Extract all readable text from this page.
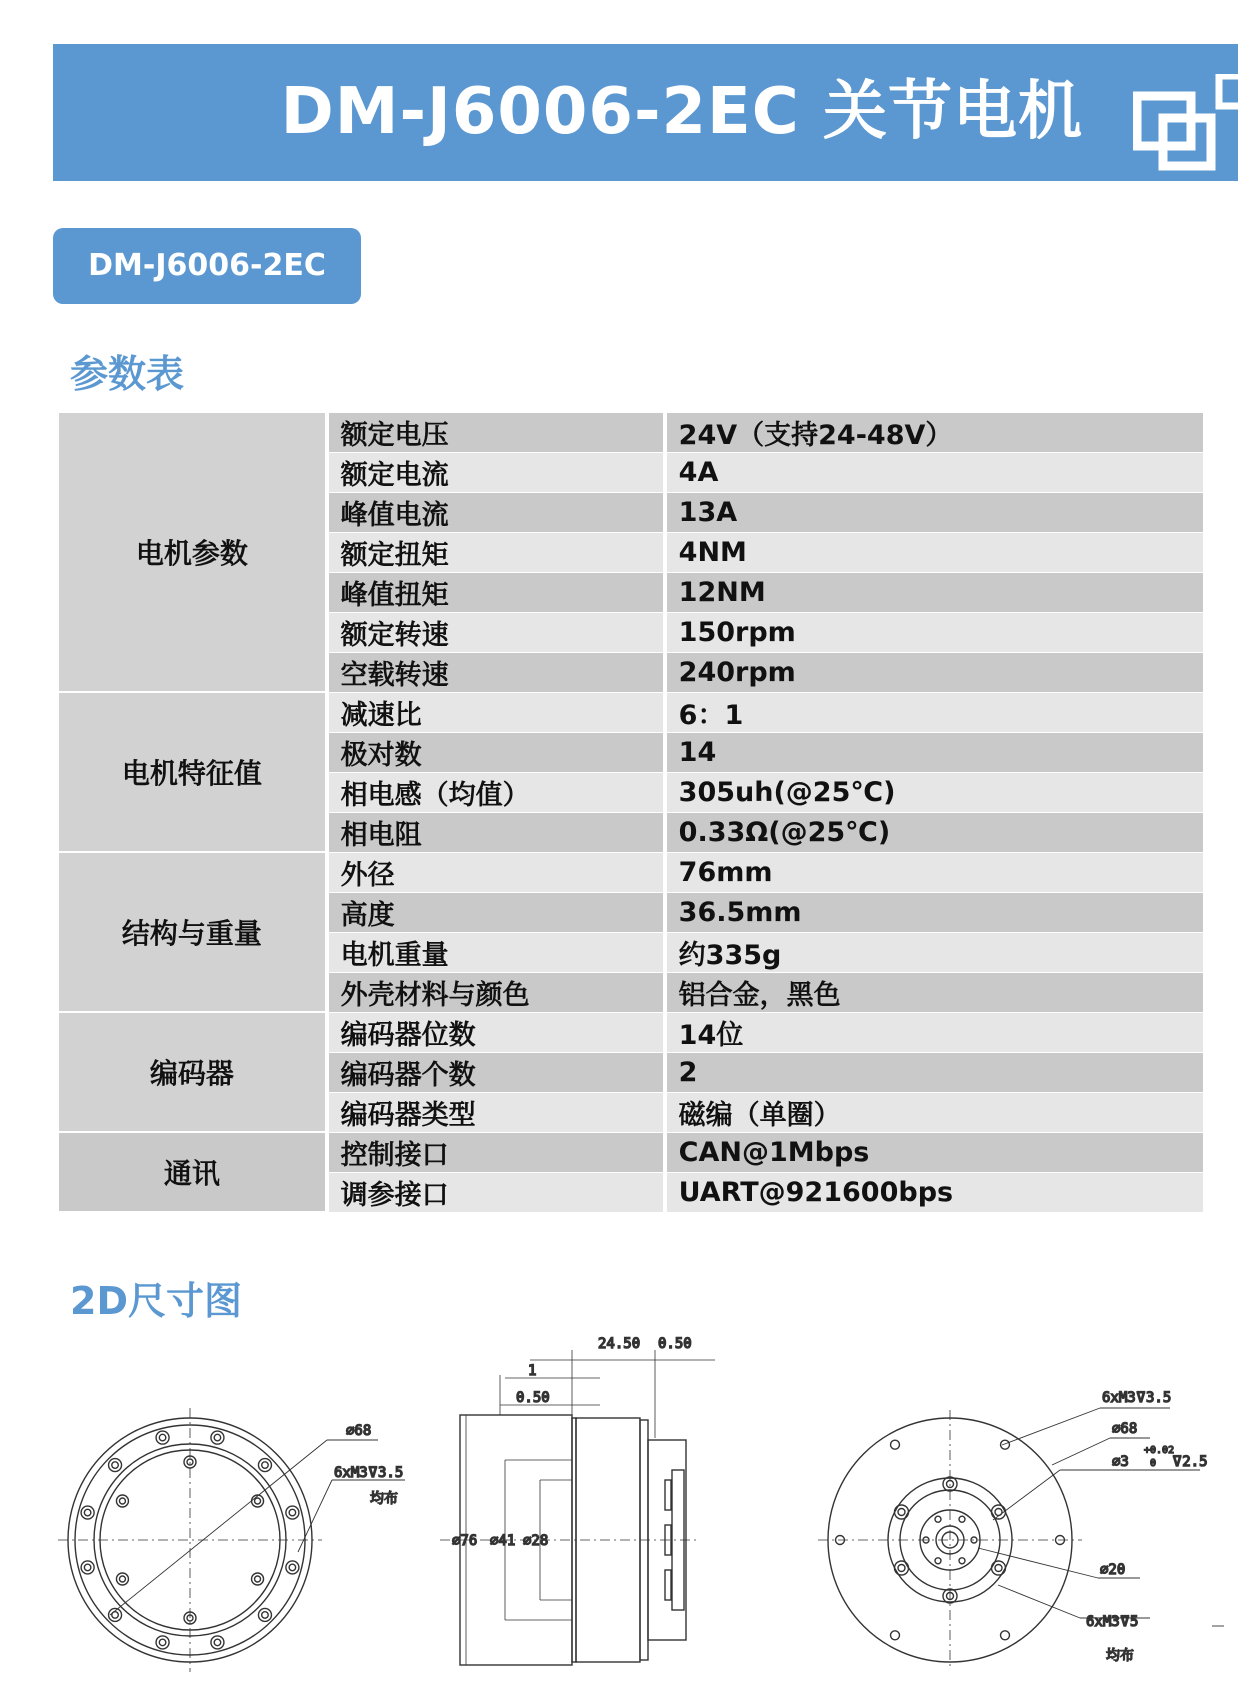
DM-J6006-2EC 关节电机
DM-J6006-2EC
参数表
电机参数	额定电压	24V（支持24-48V）
	额定电流	4A
	峰值电流	13A
	额定扭矩	4NM
	峰值扭矩	12NM
	额定转速	150rpm
	空载转速	240rpm
电机特征值	减速比	6：1
	极对数	14
	相电感（均值）	305uh(@25℃)
	相电阻	0.33Ω(@25℃)
结构与重量	外径	76mm
	高度	36.5mm
	电机重量	约335g
	外壳材料与颜色	铝合金，黑色
编码器	编码器位数	14位
	编码器个数	2
	编码器类型	磁编（单圈）
通讯	控制接口	CAN@1Mbps
	调参接口	UART@921600bps
2D尺寸图
⌀68
6xM3⊽3.5
均布
24.50 0.50
1
0.50
⌀76 ⌀41 ⌀28
6xM3⊽3.5
⌀68
⌀3
+0.02
0 ⊽2.5
⌀20
6xM3⊽5
均布
